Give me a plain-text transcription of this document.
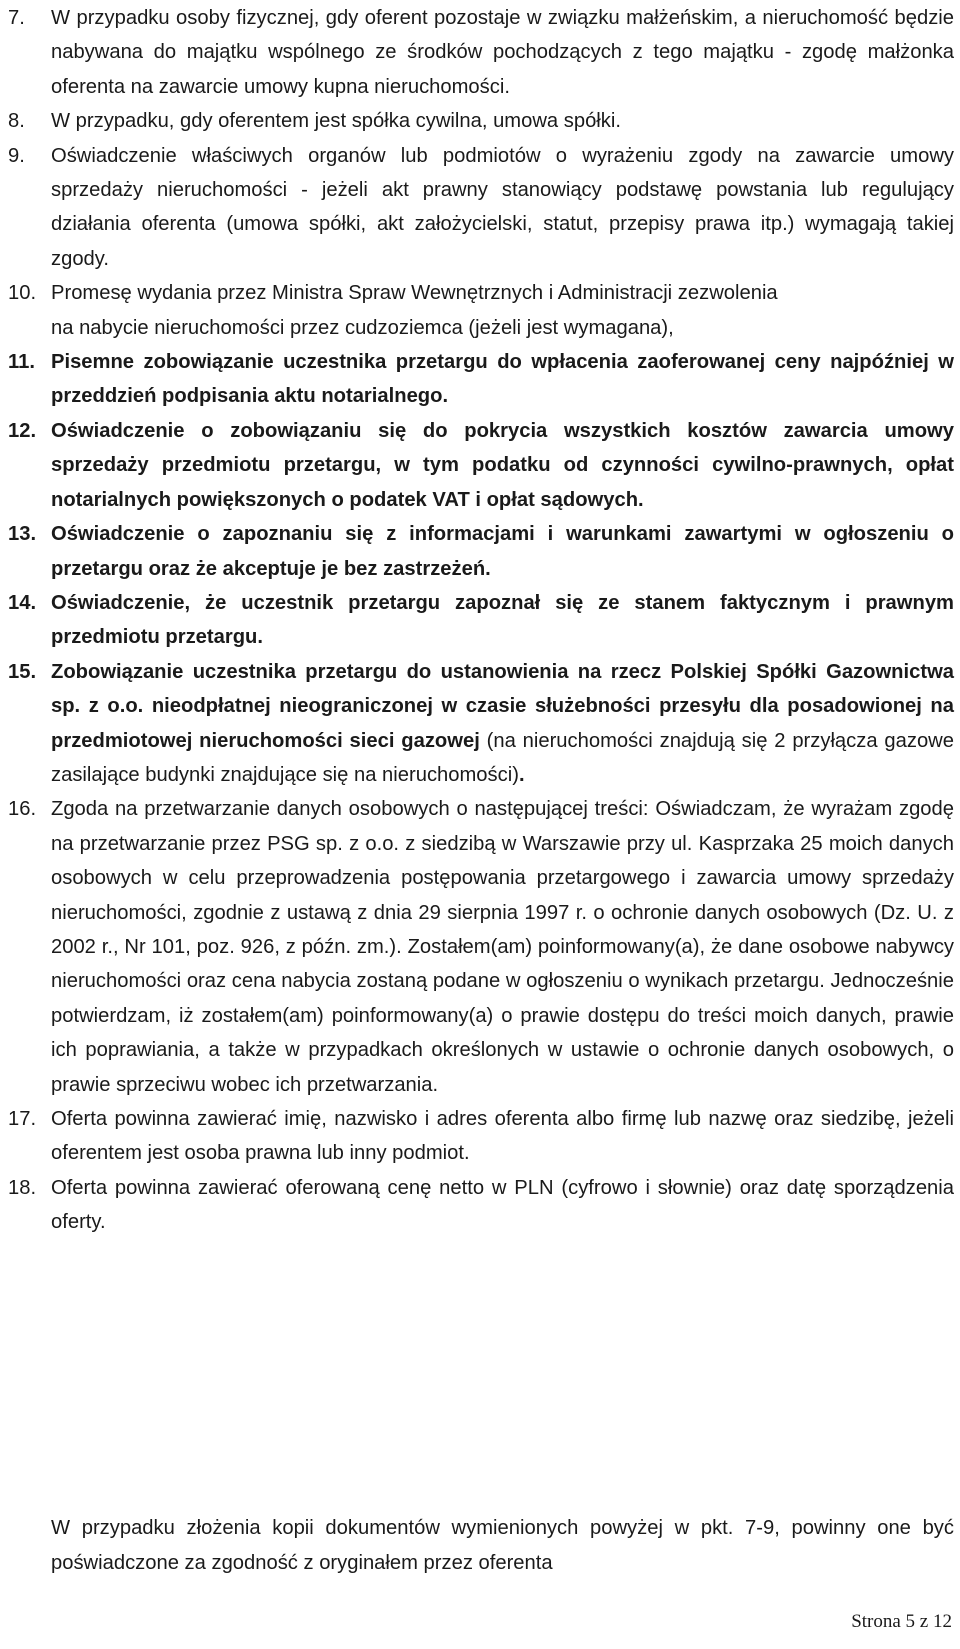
7. W przypadku osoby fizycznej, gdy oferent pozostaje w związku małżeńskim, a nieruchomość będzie nabywana do majątku wspólnego ze środków pochodzących z tego majątku - zgodę małżonka oferenta na zawarcie umowy kupna nieruchomości.
8. W przypadku, gdy oferentem jest spółka cywilna, umowa spółki.
9. Oświadczenie właściwych organów lub podmiotów o wyrażeniu zgody na zawarcie umowy sprzedaży nieruchomości - jeżeli akt prawny stanowiący podstawę powstania lub regulujący działania oferenta (umowa spółki, akt założycielski, statut, przepisy prawa itp.) wymagają takiej zgody.
10. Promesę wydania przez Ministra Spraw Wewnętrznych i Administracji zezwolenia
na nabycie nieruchomości przez cudzoziemca (jeżeli jest wymagana),
11. Pisemne zobowiązanie uczestnika przetargu do wpłacenia zaoferowanej ceny najpóźniej w przeddzień podpisania aktu notarialnego.
12. Oświadczenie o zobowiązaniu się do pokrycia wszystkich kosztów zawarcia umowy sprzedaży przedmiotu przetargu, w tym podatku od czynności cywilno-prawnych, opłat notarialnych powiększonych o podatek VAT i opłat sądowych.
13. Oświadczenie o zapoznaniu się z informacjami i warunkami zawartymi w ogłoszeniu o przetargu oraz że akceptuje je bez zastrzeżeń.
14. Oświadczenie, że uczestnik przetargu zapoznał się ze stanem faktycznym i prawnym przedmiotu przetargu.
15. Zobowiązanie uczestnika przetargu do ustanowienia na rzecz Polskiej Spółki Gazownictwa sp. z o.o. nieodpłatnej nieograniczonej w czasie służebności przesyłu dla posadowionej na przedmiotowej nieruchomości sieci gazowej (na nieruchomości znajdują się 2 przyłącza gazowe zasilające budynki znajdujące się na nieruchomości).
16. Zgoda na przetwarzanie danych osobowych o następującej treści: Oświadczam, że wyrażam zgodę na przetwarzanie przez PSG sp. z o.o. z siedzibą w Warszawie przy ul. Kasprzaka 25 moich danych osobowych w celu przeprowadzenia postępowania przetargowego i zawarcia umowy sprzedaży nieruchomości, zgodnie z ustawą z dnia 29 sierpnia 1997 r. o ochronie danych osobowych (Dz. U. z 2002 r., Nr 101, poz. 926, z późn. zm.). Zostałem(am) poinformowany(a), że dane osobowe nabywcy nieruchomości oraz cena nabycia zostaną podane w ogłoszeniu o wynikach przetargu. Jednocześnie potwierdzam, iż zostałem(am) poinformowany(a) o prawie dostępu do treści moich danych, prawie ich poprawiania, a także w przypadkach określonych w ustawie o ochronie danych osobowych, o prawie sprzeciwu wobec ich przetwarzania.
17. Oferta powinna zawierać imię, nazwisko i adres oferenta albo firmę lub nazwę oraz siedzibę, jeżeli oferentem jest osoba prawna lub inny podmiot.
18. Oferta powinna zawierać oferowaną cenę netto w PLN (cyfrowo i słownie) oraz datę sporządzenia oferty.

W przypadku złożenia kopii dokumentów wymienionych powyżej w pkt. 7-9, powinny one być poświadczone za zgodność z oryginałem przez oferenta

Strona 5 z 12
